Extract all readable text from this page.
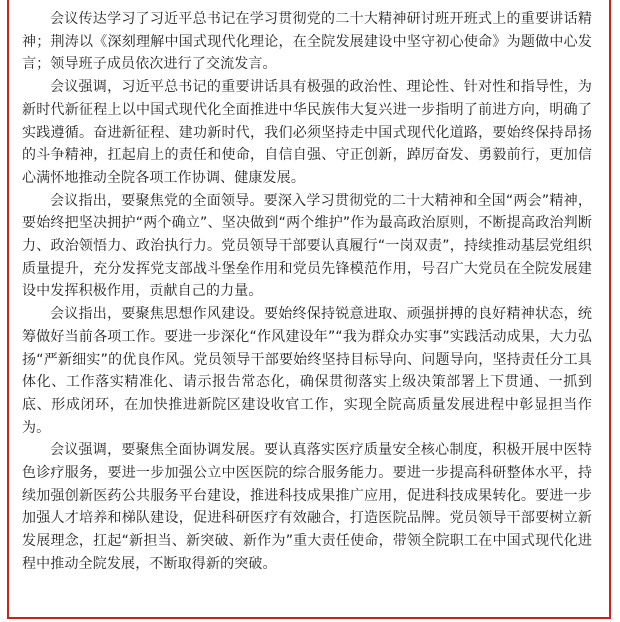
会议传达学习了习近平总书记在学习贯彻党的二十大精神研讨班开班式上的重要讲话精神；荆涛以《深刻理解中国式现代化理论，在全院发展建设中坚守初心使命》为题做中心发言；领导班子成员依次进行了交流发言。

会议强调，习近平总书记的重要讲话具有极强的政治性、理论性、针对性和指导性，为新时代新征程上以中国式现代化全面推进中华民族伟大复兴进一步指明了前进方向，明确了实践遵循。奋进新征程、建功新时代，我们必须坚持走中国式现代化道路，要始终保持昂扬的斗争精神，扛起肩上的责任和使命，自信自强、守正创新，踔厉奋发、勇毅前行，更加信心满怀地推动全院各项工作协调、健康发展。

会议指出，要聚焦党的全面领导。要深入学习贯彻党的二十大精神和全国“两会”精神，要始终把坚决拥护“两个确立”、坚决做到“两个维护”作为最高政治原则，不断提高政治判断力、政治领悟力、政治执行力。党员领导干部要认真履行“一岗双责”，持续推动基层党组织质量提升，充分发挥党支部战斗堡垒作用和党员先锋模范作用，号召广大党员在全院发展建设中发挥积极作用，贡献自己的力量。

会议指出，要聚焦思想作风建设。要始终保持锐意进取、顽强拼搏的良好精神状态，统筹做好当前各项工作。要进一步深化“作风建设年”“我为群众办实事”实践活动成果，大力弘扬“严新细实”的优良作风。党员领导干部要始终坚持目标导向、问题导向，坚持责任分工具体化、工作落实精准化、请示报告常态化，确保贯彻落实上级决策部署上下贯通、一抓到底、形成闭环，在加快推进新院区建设收官工作，实现全院高质量发展进程中彰显担当作为。

会议强调，要聚焦全面协调发展。要认真落实医疗质量安全核心制度，积极开展中医特色诊疗服务，要进一步加强公立中医医院的综合服务能力。要进一步提高科研整体水平，持续加强创新医药公共服务平台建设，推进科技成果推广应用，促进科技成果转化。要进一步加强人才培养和梯队建设，促进科研医疗有效融合，打造医院品牌。党员领导干部要树立新发展理念，扛起“新担当、新突破、新作为”重大责任使命，带领全院职工在中国式现代化进程中推动全院发展，不断取得新的突破。
